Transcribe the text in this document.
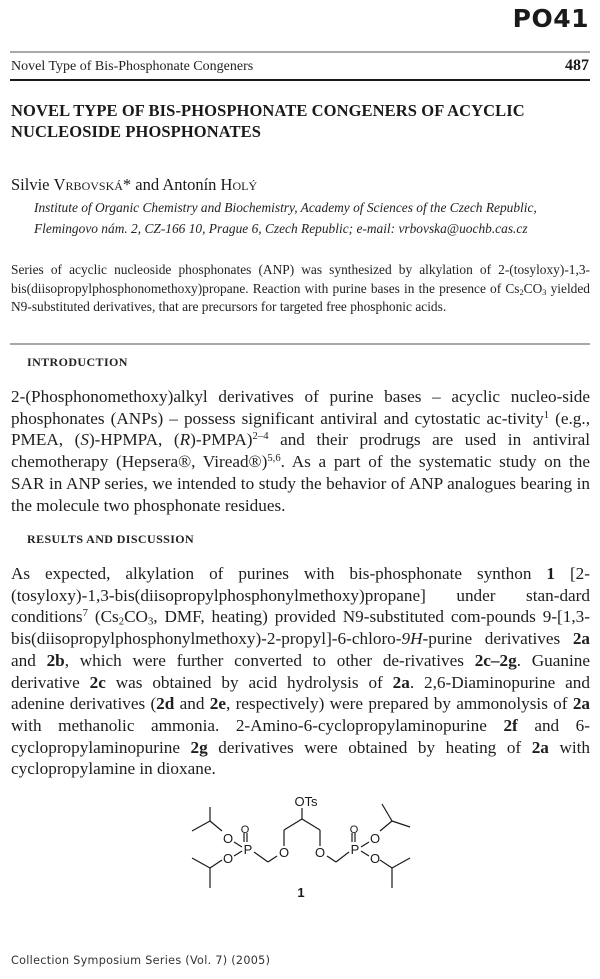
PO41
Novel Type of Bis-Phosphonate Congeners	487
NOVEL TYPE OF BIS-PHOSPHONATE CONGENERS OF ACYCLIC
NUCLEOSIDE PHOSPHONATES
Silvie Vrbovská* and Antonín Holý
Institute of Organic Chemistry and Biochemistry, Academy of Sciences of the Czech Republic,
Flemingovo nám. 2, CZ-166 10, Prague 6, Czech Republic; e-mail: vrbovska@uochb.cas.cz
Series of acyclic nucleoside phosphonates (ANP) was synthesized by alkylation of 2-(tosyloxy)-1,3-bis(diisopropylphosphonomethoxy)propane. Reaction with purine bases in the presence of $Cs_2CO_3$ yielded N9-substituted derivatives, that are precursors for targeted free phosphonic acids.
INTRODUCTION
2-(Phosphonomethoxy)alkyl derivatives of purine bases – acyclic nucleo-side phosphonates (ANPs) – possess significant antiviral and cytostatic ac-tivity$^1$ (e.g., PMEA, (S)-HPMPA, (R)-PMPA)$^{2-4}$ and their prodrugs are used in antiviral chemotherapy (Hepsera®, Viread®)$^{5,6}$. As a part of the systematic study on the SAR in ANP series, we intended to study the behavior of ANP analogues bearing in the molecule two phosphonate residues.
RESULTS AND DISCUSSION
As expected, alkylation of purines with bis-phosphonate synthon 1 [2-(tosyloxy)-1,3-bis(diisopropylphosphonylmethoxy)propane] under stan-dard conditions$^7$ ($Cs_2CO_3$, DMF, heating) provided N9-substituted com-pounds 9-[1,3-bis(diisopropylphosphonylmethoxy)-2-propyl]-6-chloro-9H-purine derivatives 2a and 2b, which were further converted to other de-rivatives 2c–2g. Guanine derivative 2c was obtained by acid hydrolysis of 2a. 2,6-Diaminopurine and adenine derivatives (2d and 2e, respectively) were prepared by ammonolysis of 2a with methanolic ammonia. 2-Amino-6-cyclopropylaminopurine 2f and 6-cyclopropylaminopurine 2g derivatives were obtained by heating of 2a with cyclopropylamine in dioxane.
OTs
O
O
P
O	O O
O
P
O
O
1
Collection Symposium Series (Vol. 7) (2005)
